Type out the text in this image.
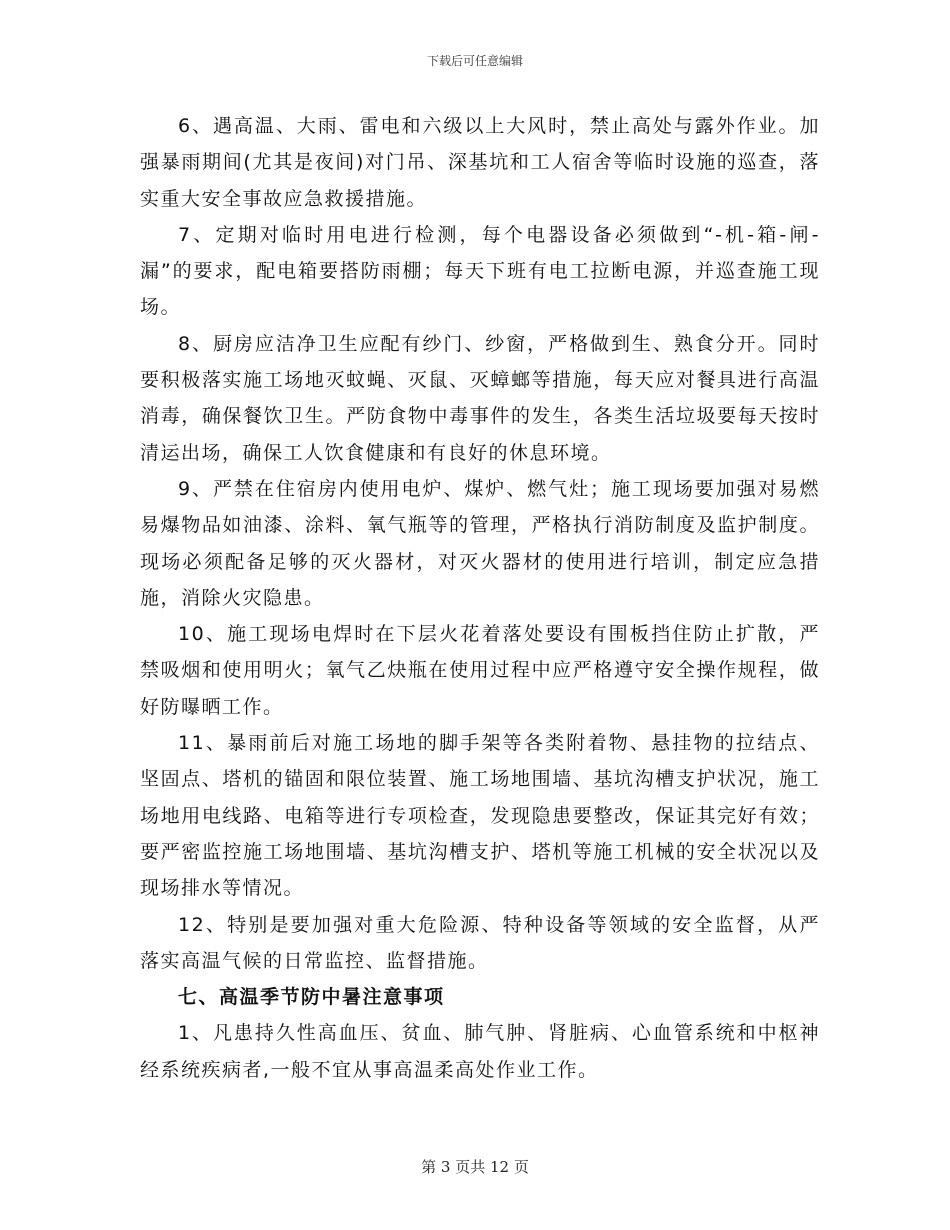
下载后可任意编辑

6、遇高温、大雨、雷电和六级以上大风时，禁止高处与露外作业。加强暴雨期间(尤其是夜间)对门吊、深基坑和工人宿舍等临时设施的巡查，落实重大安全事故应急救援措施。

7、定期对临时用电进行检测，每个电器设备必须做到“-机-箱-闸-漏”的要求，配电箱要搭防雨棚；每天下班有电工拉断电源，并巡查施工现场。

8、厨房应洁净卫生应配有纱门、纱窗，严格做到生、熟食分开。同时要积极落实施工场地灭蚊蝇、灭鼠、灭蟑螂等措施，每天应对餐具进行高温消毒，确保餐饮卫生。严防食物中毒事件的发生，各类生活垃圾要每天按时清运出场，确保工人饮食健康和有良好的休息环境。

9、严禁在住宿房内使用电炉、煤炉、燃气灶；施工现场要加强对易燃易爆物品如油漆、涂料、氧气瓶等的管理，严格执行消防制度及监护制度。现场必须配备足够的灭火器材，对灭火器材的使用进行培训，制定应急措施，消除火灾隐患。

10、施工现场电焊时在下层火花着落处要设有围板挡住防止扩散，严禁吸烟和使用明火；氧气乙炔瓶在使用过程中应严格遵守安全操作规程，做好防曝晒工作。

11、暴雨前后对施工场地的脚手架等各类附着物、悬挂物的拉结点、坚固点、塔机的锚固和限位装置、施工场地围墙、基坑沟槽支护状况，施工场地用电线路、电箱等进行专项检查，发现隐患要整改，保证其完好有效；要严密监控施工场地围墙、基坑沟槽支护、塔机等施工机械的安全状况以及现场排水等情况。

12、特别是要加强对重大危险源、特种设备等领域的安全监督，从严落实高温气候的日常监控、监督措施。

七、高温季节防中暑注意事项

1、凡患持久性高血压、贫血、肺气肿、肾脏病、心血管系统和中枢神经系统疾病者,一般不宜从事高温柔高处作业工作。

第 3 页共 12 页
